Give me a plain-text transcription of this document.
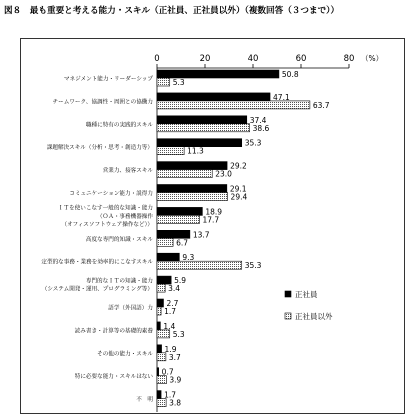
図８　最も重要と考える能力・スキル（正社員、正社員以外）（複数回答（３つまで））
0	20	40	60	80 （%）
マネジメント能力・リーダーシップ
50.8
5.3
チームワーク、協調性・周囲との協働力
47.1
63.7
職種に特有の実践的スキル
37.4
38.6
課題解決スキル（分析・思考・創造力等）
35.3
11.3
営業力、接客スキル
29.2
23.0
コミュニケーション能力・説得力
29.1
29.4
ＩＴを使いこなす一般的な知識・能力
（ＯＡ・事務機器操作
（オフィスソフトウェア操作など））
18.9
17.7
高度な専門的知識・スキル
13.7
6.7
定型的な事務・業務を効率的にこなすスキル
9.3
35.3
専門的なＩＴの知識・能力
（システム開発・運用、プログラミング等）
5.9
3.4
語学（外国語）力
2.7
1.7
読み書き・計算等の基礎的素養
1.4
5.3
その他の能力・スキル
1.9
3.7
特に必要な能力・スキルはない
0.7
3.9
不　明
1.7
3.8
正社員
正社員以外
